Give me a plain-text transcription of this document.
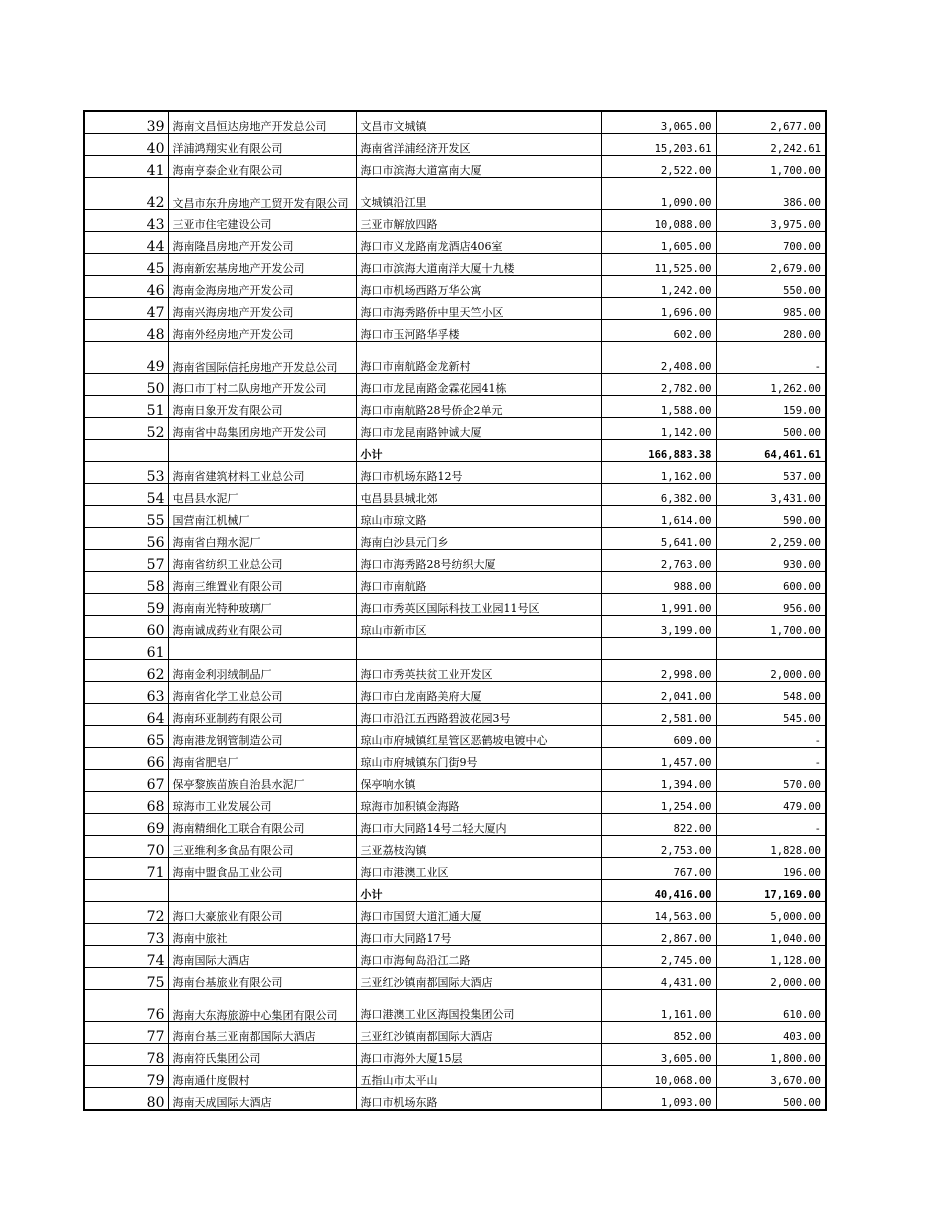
39	海南文昌恒达房地产开发总公司	文昌市文城镇	3,065.00	2,677.00
40	洋浦鸿翔实业有限公司	海南省洋浦经济开发区	15,203.61	2,242.61
41	海南亨泰企业有限公司	海口市滨海大道富南大厦	2,522.00	1,700.00
42	文昌市东升房地产工贸开发有限公司	文城镇沿江里	1,090.00	386.00
43	三亚市住宅建设公司	三亚市解放四路	10,088.00	3,975.00
44	海南隆昌房地产开发公司	海口市义龙路南龙酒店406室	1,605.00	700.00
45	海南新宏基房地产开发公司	海口市滨海大道南洋大厦十九楼	11,525.00	2,679.00
46	海南金海房地产开发公司	海口市机场西路万华公寓	1,242.00	550.00
47	海南兴海房地产开发公司	海口市海秀路侨中里天竺小区	1,696.00	985.00
48	海南外经房地产开发公司	海口市玉河路华孚楼	602.00	280.00
49	海南省国际信托房地产开发总公司	海口市南航路金龙新村	2,408.00	-
50	海口市丁村二队房地产开发公司	海口市龙昆南路金霖花园41栋	2,782.00	1,262.00
51	海南日象开发有限公司	海口市南航路28号侨企2单元	1,588.00	159.00
52	海南省中岛集团房地产开发公司	海口市龙昆南路钟诚大厦	1,142.00	500.00
		小计	166,883.38	64,461.61
53	海南省建筑材料工业总公司	海口市机场东路12号	1,162.00	537.00
54	屯昌县水泥厂	屯昌县县城北郊	6,382.00	3,431.00
55	国营南江机械厂	琼山市琼文路	1,614.00	590.00
56	海南省白翔水泥厂	海南白沙县元门乡	5,641.00	2,259.00
57	海南省纺织工业总公司	海口市海秀路28号纺织大厦	2,763.00	930.00
58	海南三维置业有限公司	海口市南航路	988.00	600.00
59	海南南光特种玻璃厂	海口市秀英区国际科技工业园11号区	1,991.00	956.00
60	海南诚成药业有限公司	琼山市新市区	3,199.00	1,700.00
61				
62	海南金利羽绒制品厂	海口市秀英扶贫工业开发区	2,998.00	2,000.00
63	海南省化学工业总公司	海口市白龙南路美府大厦	2,041.00	548.00
64	海南环亚制药有限公司	海口市沿江五西路碧波花园3号	2,581.00	545.00
65	海南港龙钢管制造公司	琼山市府城镇红星管区恶鹤坡电镀中心	609.00	-
66	海南省肥皂厂	琼山市府城镇东门街9号	1,457.00	-
67	保亭黎族苗族自治县水泥厂	保亭响水镇	1,394.00	570.00
68	琼海市工业发展公司	琼海市加积镇金海路	1,254.00	479.00
69	海南精细化工联合有限公司	海口市大同路14号二轻大厦内	822.00	-
70	三亚维利多食品有限公司	三亚荔枝沟镇	2,753.00	1,828.00
71	海南中盟食品工业公司	海口市港澳工业区	767.00	196.00
		小计	40,416.00	17,169.00
72	海口大豪旅业有限公司	海口市国贸大道汇通大厦	14,563.00	5,000.00
73	海南中旅社	海口市大同路17号	2,867.00	1,040.00
74	海南国际大酒店	海口市海甸岛沿江二路	2,745.00	1,128.00
75	海南台基旅业有限公司	三亚红沙镇南都国际大酒店	4,431.00	2,000.00
76	海南大东海旅游中心集团有限公司	海口港澳工业区海国投集团公司	1,161.00	610.00
77	海南台基三亚南都国际大酒店	三亚红沙镇南都国际大酒店	852.00	403.00
78	海南符氏集团公司	海口市海外大厦15层	3,605.00	1,800.00
79	海南通什度假村	五指山市太平山	10,068.00	3,670.00
80	海南天成国际大酒店	海口市机场东路	1,093.00	500.00
